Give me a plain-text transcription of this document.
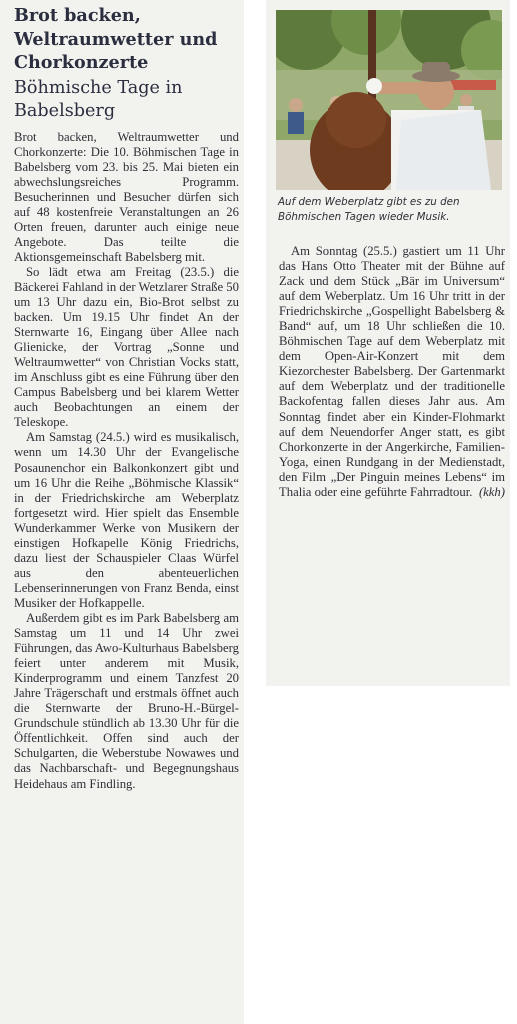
Brot backen, Weltraumwetter und Chorkonzerte
Böhmische Tage in Babelsberg

Brot backen, Weltraumwetter und Chorkonzerte: Die 10. Böhmischen Tage in Babelsberg vom 23. bis 25. Mai bieten ein abwechslungsreiches Programm. Besucherinnen und Besucher dürfen sich auf 48 kostenfreie Veranstaltungen an 26 Orten freuen, darunter auch einige neue Angebote. Das teilte die Aktionsgemeinschaft Babelsberg mit.

So lädt etwa am Freitag (23.5.) die Bäckerei Fahland in der Wetzlarer Straße 50 um 13 Uhr dazu ein, Bio-Brot selbst zu backen. Um 19.15 Uhr findet An der Sternwarte 16, Eingang über Allee nach Glienicke, der Vortrag „Sonne und Weltraumwetter“ von Christian Vocks statt, im Anschluss gibt es eine Führung über den Campus Babelsberg und bei klarem Wetter auch Beobachtungen an einem der Teleskope.

Am Samstag (24.5.) wird es musikalisch, wenn um 14.30 Uhr der Evangelische Posaunenchor ein Balkonkonzert gibt und um 16 Uhr die Reihe „Böhmische Klassik“ in der Friedrichskirche am Weberplatz fortgesetzt wird. Hier spielt das Ensemble Wunderkammer Werke von Musikern der einstigen Hofkapelle König Friedrichs, dazu liest der Schauspieler Claas Würfel aus den abenteuerlichen Lebenserinnerungen von Franz Benda, einst Musiker der Hofkappelle.

Außerdem gibt es im Park Babelsberg am Samstag um 11 und 14 Uhr zwei Führungen, das Awo-Kulturhaus Babelsberg feiert unter anderem mit Musik, Kinderprogramm und einem Tanzfest 20 Jahre Trägerschaft und erstmals öffnet auch die Sternwarte der Bruno-H.-Bürgel-Grundschule stündlich ab 13.30 Uhr für die Öffentlichkeit. Offen sind auch der Schulgarten, die Weberstube Nowawes und das Nachbarschaft- und Begegnungshaus Heidehaus am Findling.

Auf dem Weberplatz gibt es zu den Böhmischen Tagen wieder Musik.

Am Sonntag (25.5.) gastiert um 11 Uhr das Hans Otto Theater mit der Bühne auf Zack und dem Stück „Bär im Universum“ auf dem Weberplatz. Um 16 Uhr tritt in der Friedrichskirche „Gospellight Babelsberg & Band“ auf, um 18 Uhr schließen die 10. Böhmischen Tage auf dem Weberplatz mit dem Open-Air-Konzert mit dem Kiezorchester Babelsberg. Der Gartenmarkt auf dem Weberplatz und der traditionelle Backofentag fallen dieses Jahr aus. Am Sonntag findet aber ein Kinder-Flohmarkt auf dem Neuendorfer Anger statt, es gibt Chorkonzerte in der Angerkirche, Familien-Yoga, einen Rundgang in der Medienstadt, den Film „Der Pinguin meines Lebens“ im Thalia oder eine geführte Fahrradtour. (kkh)
